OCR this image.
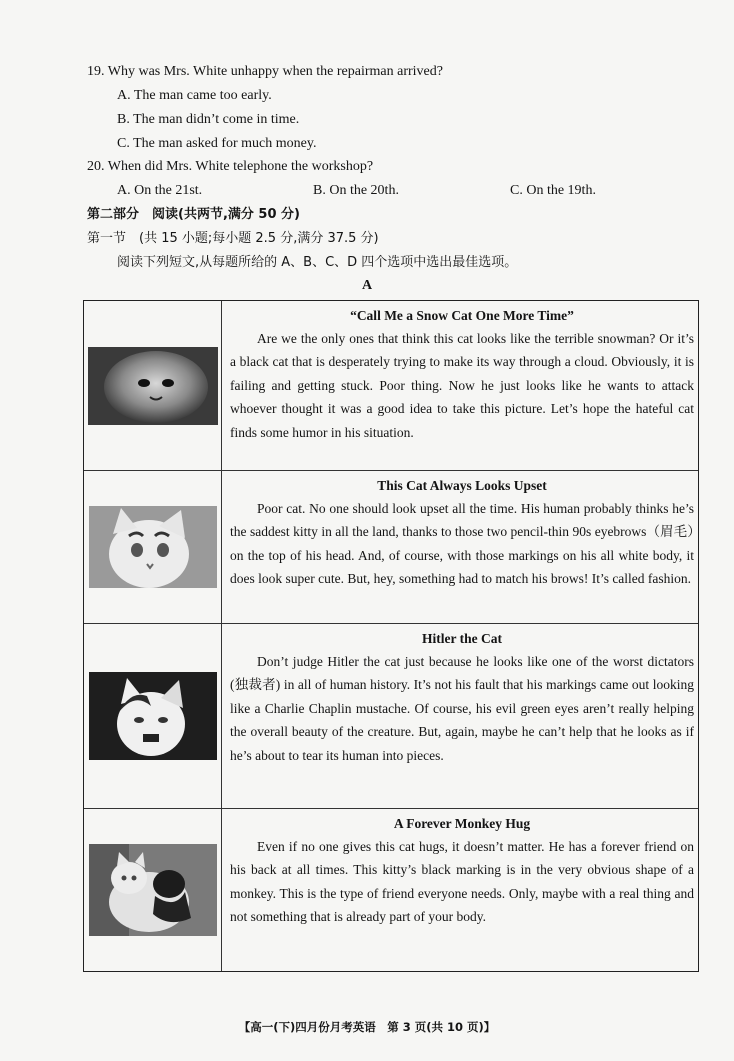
19. Why was Mrs. White unhappy when the repairman arrived?
A. The man came too early.
B. The man didn’t come in time.
C. The man asked for much money.
20. When did Mrs. White telephone the workshop?
A. On the 21st.	B. On the 20th.	C. On the 19th.
第二部分　阅读(共两节,满分 50 分)
第一节　(共 15 小题;每小题 2.5 分,满分 37.5 分)
阅读下列短文,从每题所给的 A、B、C、D 四个选项中选出最佳选项。
A
“Call Me a Snow Cat One More Time”

Are we the only ones that think this cat looks like the terrible snowman? Or it’s a black cat that is desperately trying to make its way through a cloud. Obviously, it is failing and getting stuck. Poor thing. Now he just looks like he wants to attack whoever thought it was a good idea to take this picture. Let’s hope the hateful cat finds some humor in his situation.

This Cat Always Looks Upset

Poor cat. No one should look upset all the time. His human probably thinks he’s the saddest kitty in all the land, thanks to those two pencil-thin 90s eyebrows（眉毛）on the top of his head. And, of course, with those markings on his all white body, it does look super cute. But, hey, something had to match his brows! It’s called fashion.

Hitler the Cat

Don’t judge Hitler the cat just because he looks like one of the worst dictators (独裁者) in all of human history. It’s not his fault that his markings came out looking like a Charlie Chaplin mustache. Of course, his evil green eyes aren’t really helping the overall beauty of the creature. But, again, maybe he can’t help that he looks as if he’s about to tear its human into pieces.

A Forever Monkey Hug

Even if no one gives this cat hugs, it doesn’t matter. He has a forever friend on his back at all times. This kitty’s black marking is in the very obvious shape of a monkey. This is the type of friend everyone needs. Only, maybe with a real thing and not something that is already part of your body.

【高一(下)四月份月考英语　第 3 页(共 10 页)】
